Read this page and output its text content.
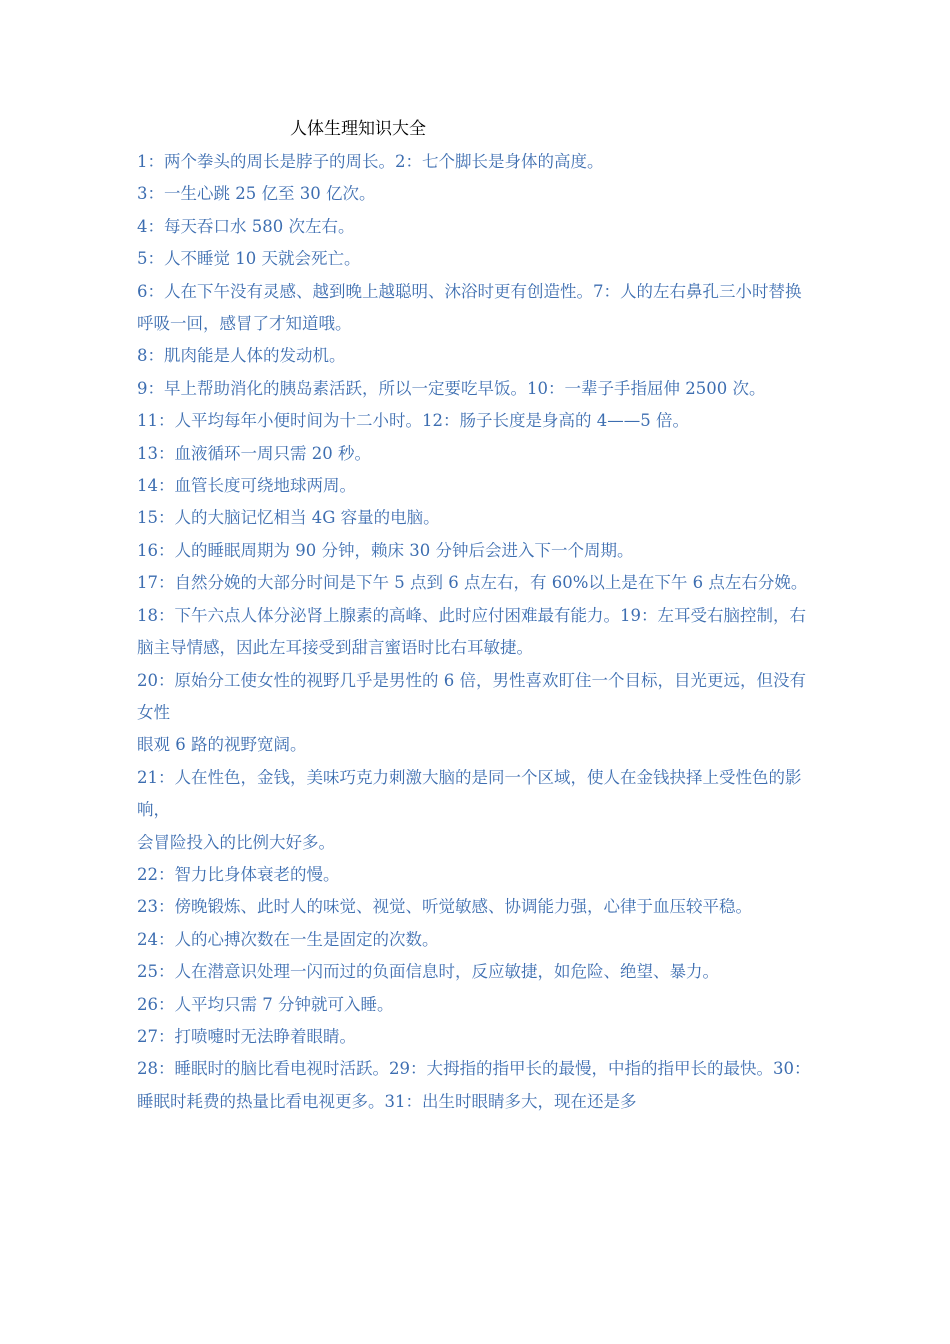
人体生理知识大全

1：两个拳头的周长是脖子的周长。2：七个脚长是身体的高度。

3：一生心跳 25 亿至 30 亿次。

4：每天吞口水 580 次左右。

5：人不睡觉 10 天就会死亡。

6：人在下午没有灵感、越到晚上越聪明、沐浴时更有创造性。7：人的左右鼻孔三小时替换呼吸一回，感冒了才知道哦。

8：肌肉能是人体的发动机。

9：早上帮助消化的胰岛素活跃，所以一定要吃早饭。10：一辈子手指屈伸 2500 次。

11：人平均每年小便时间为十二小时。12：肠子长度是身高的 4——5 倍。

13：血液循环一周只需 20 秒。

14：血管长度可绕地球两周。

15：人的大脑记忆相当 4G 容量的电脑。

16：人的睡眠周期为 90 分钟，赖床 30 分钟后会进入下一个周期。

17：自然分娩的大部分时间是下午 5 点到 6 点左右，有 60%以上是在下午 6 点左右分娩。

18：下午六点人体分泌肾上腺素的高峰、此时应付困难最有能力。19：左耳受右脑控制，右脑主导情感，因此左耳接受到甜言蜜语时比右耳敏捷。

20：原始分工使女性的视野几乎是男性的 6 倍，男性喜欢盯住一个目标，目光更远，但没有女性

眼观 6 路的视野宽阔。

21：人在性色，金钱，美味巧克力刺激大脑的是同一个区域，使人在金钱抉择上受性色的影响，

会冒险投入的比例大好多。

22：智力比身体衰老的慢。

23：傍晚锻炼、此时人的味觉、视觉、听觉敏感、协调能力强，心律于血压较平稳。

24：人的心搏次数在一生是固定的次数。

25：人在潜意识处理一闪而过的负面信息时，反应敏捷，如危险、绝望、暴力。

26：人平均只需 7 分钟就可入睡。

27：打喷嚏时无法睁着眼睛。

28：睡眠时的脑比看电视时活跃。29：大拇指的指甲长的最慢，中指的指甲长的最快。30：睡眠时耗费的热量比看电视更多。31：出生时眼睛多大，现在还是多
